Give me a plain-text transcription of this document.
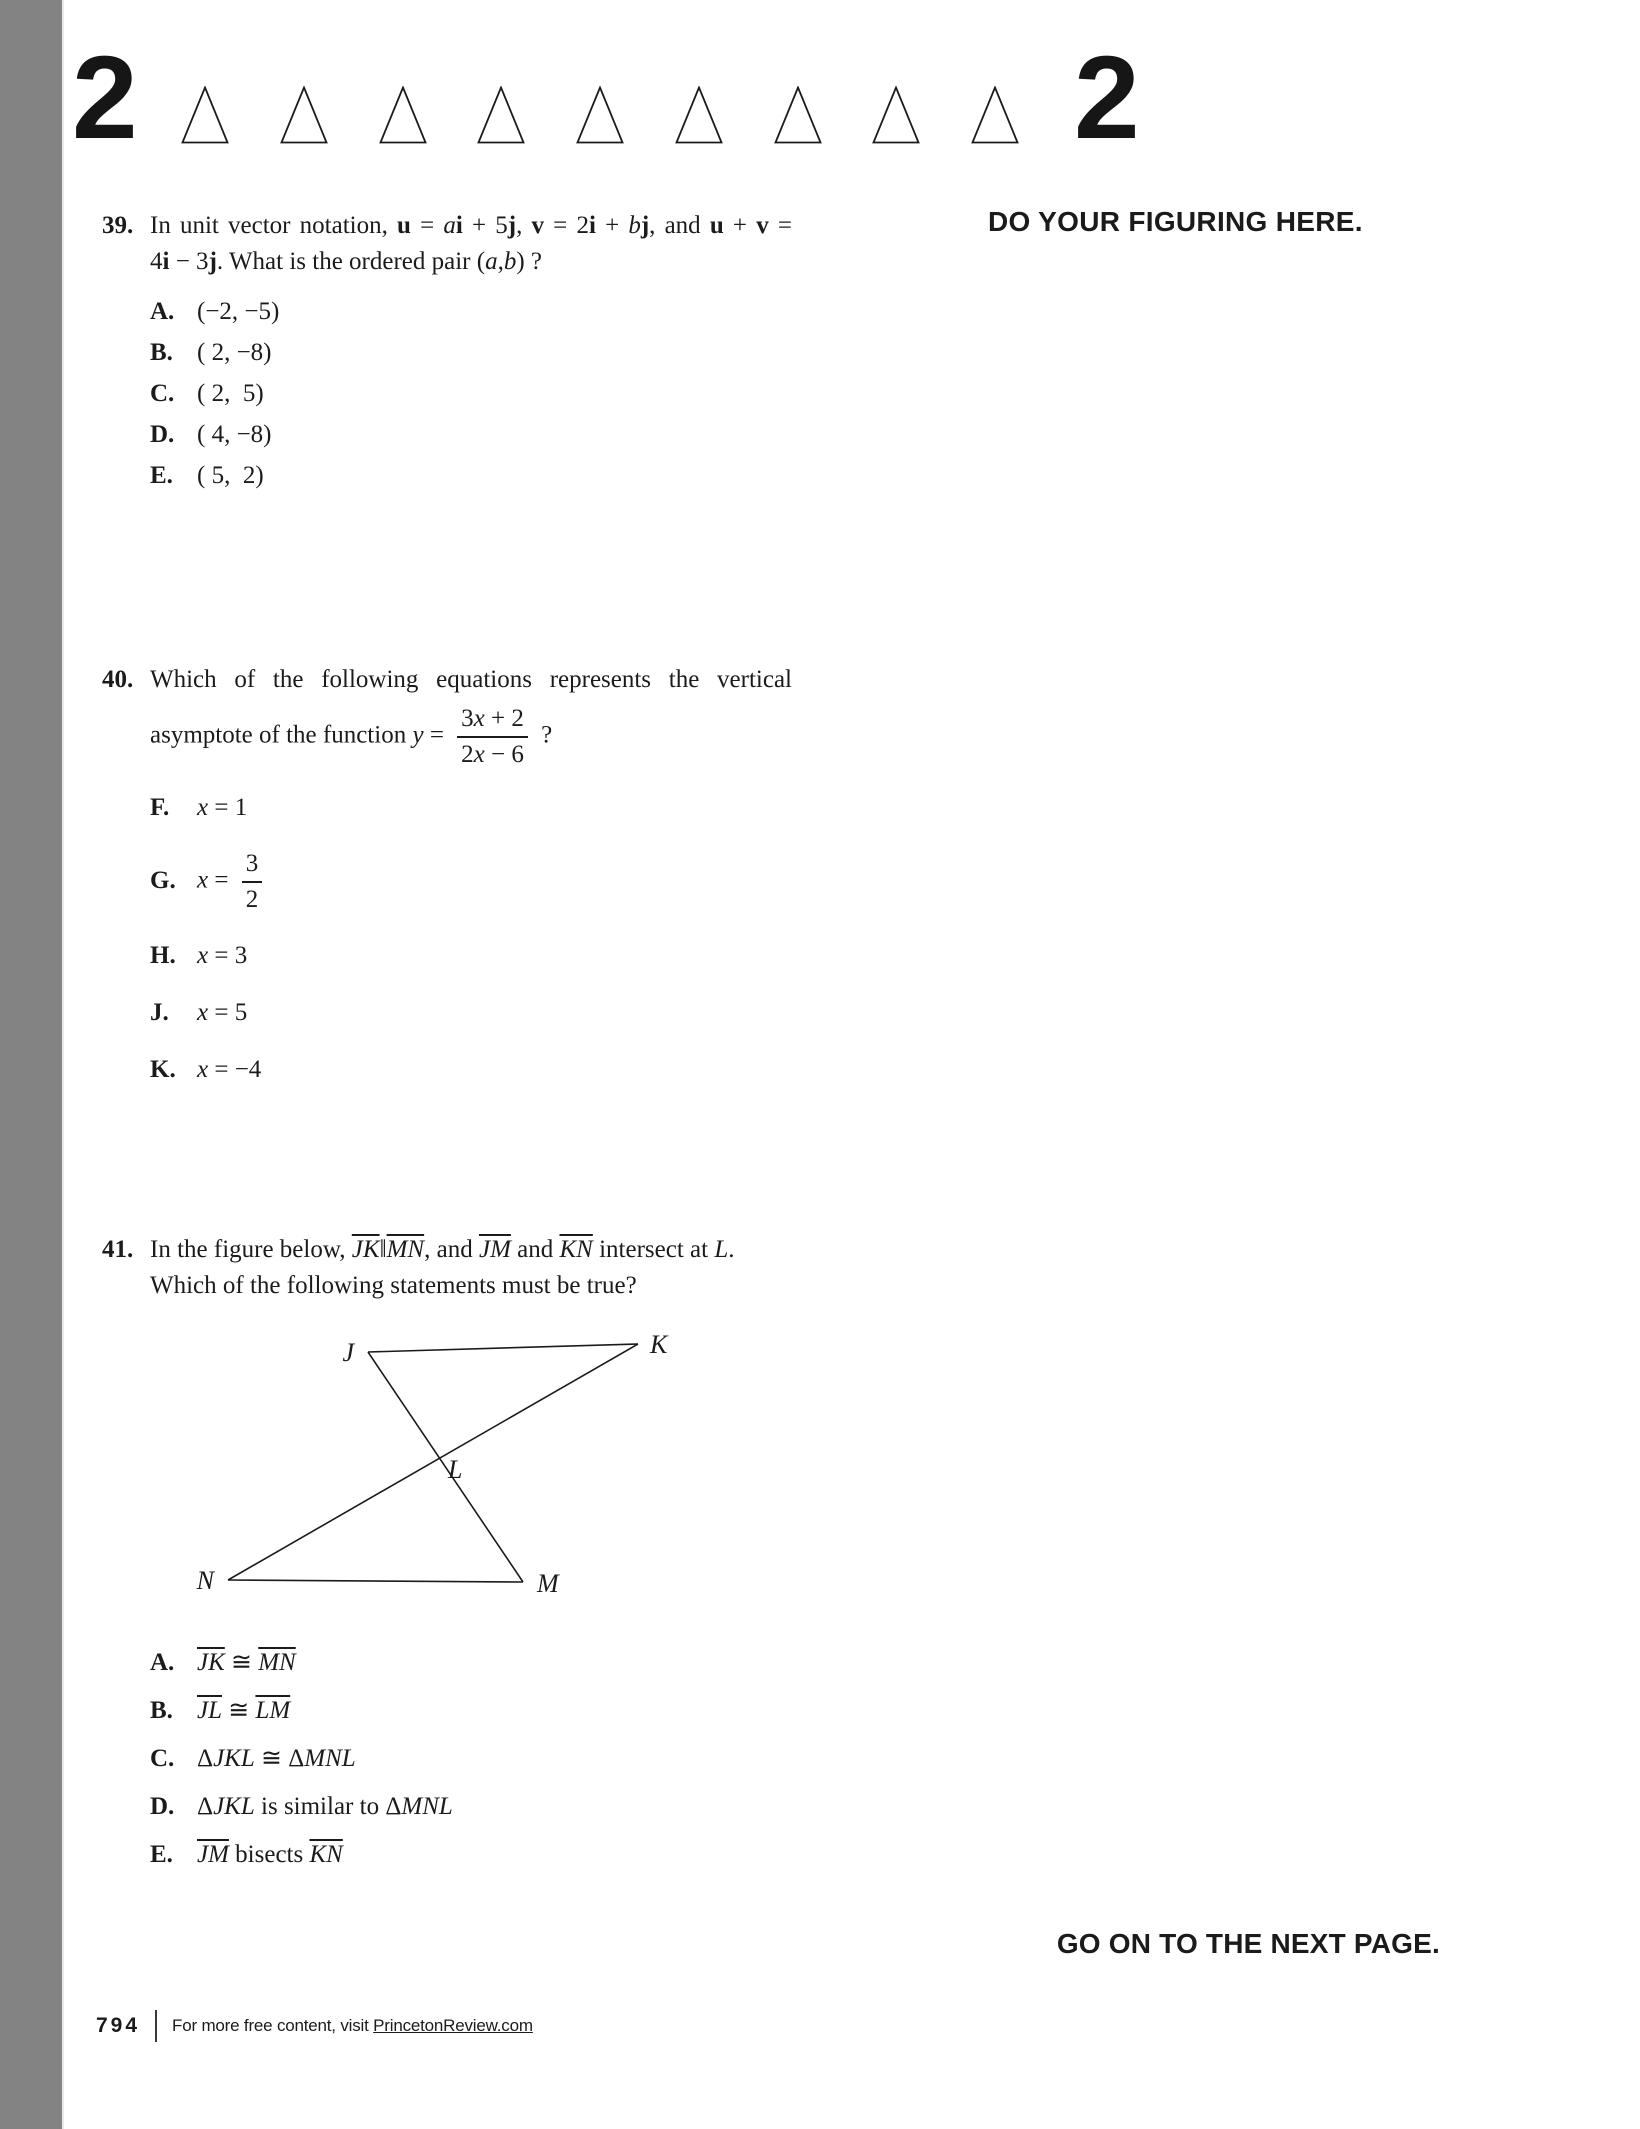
2	2
DO YOUR FIGURING HERE.
39. In unit vector notation, u = ai + 5j, v = 2i + bj, and u + v =
4i − 3j. What is the ordered pair (a,b) ?
A. (−2, −5)
B. ( 2, −8)
C. ( 2,  5)
D. ( 4, −8)
E. ( 5,  2)
40. Which of the following equations represents the vertical
asymptote of the function $y = \frac{3x + 2}{2x - 6}$ ?
F.	x = 1
G. $x = \frac{3}{2}$
H. x = 3
J.	x = 5
K. x = −4
41. In the figure below, $\overline{JK}‖\overline{MN}$, and $\overline{JM}$ and $\overline{KN}$ intersect at L.
Which of the following statements must be true?
J	K
L
M
N
A. $\overline{JK}$ ≅ $\overline{MN}$
B. $\overline{JL}$ ≅ $\overline{LM}$
C. ΔJKL ≅ ΔMNL
D. ΔJKL is similar to ΔMNL
E. $\overline{JM}$ bisects $\overline{KN}$
GO ON TO THE NEXT PAGE.
794 For more free content, visit PrincetonReview.com
